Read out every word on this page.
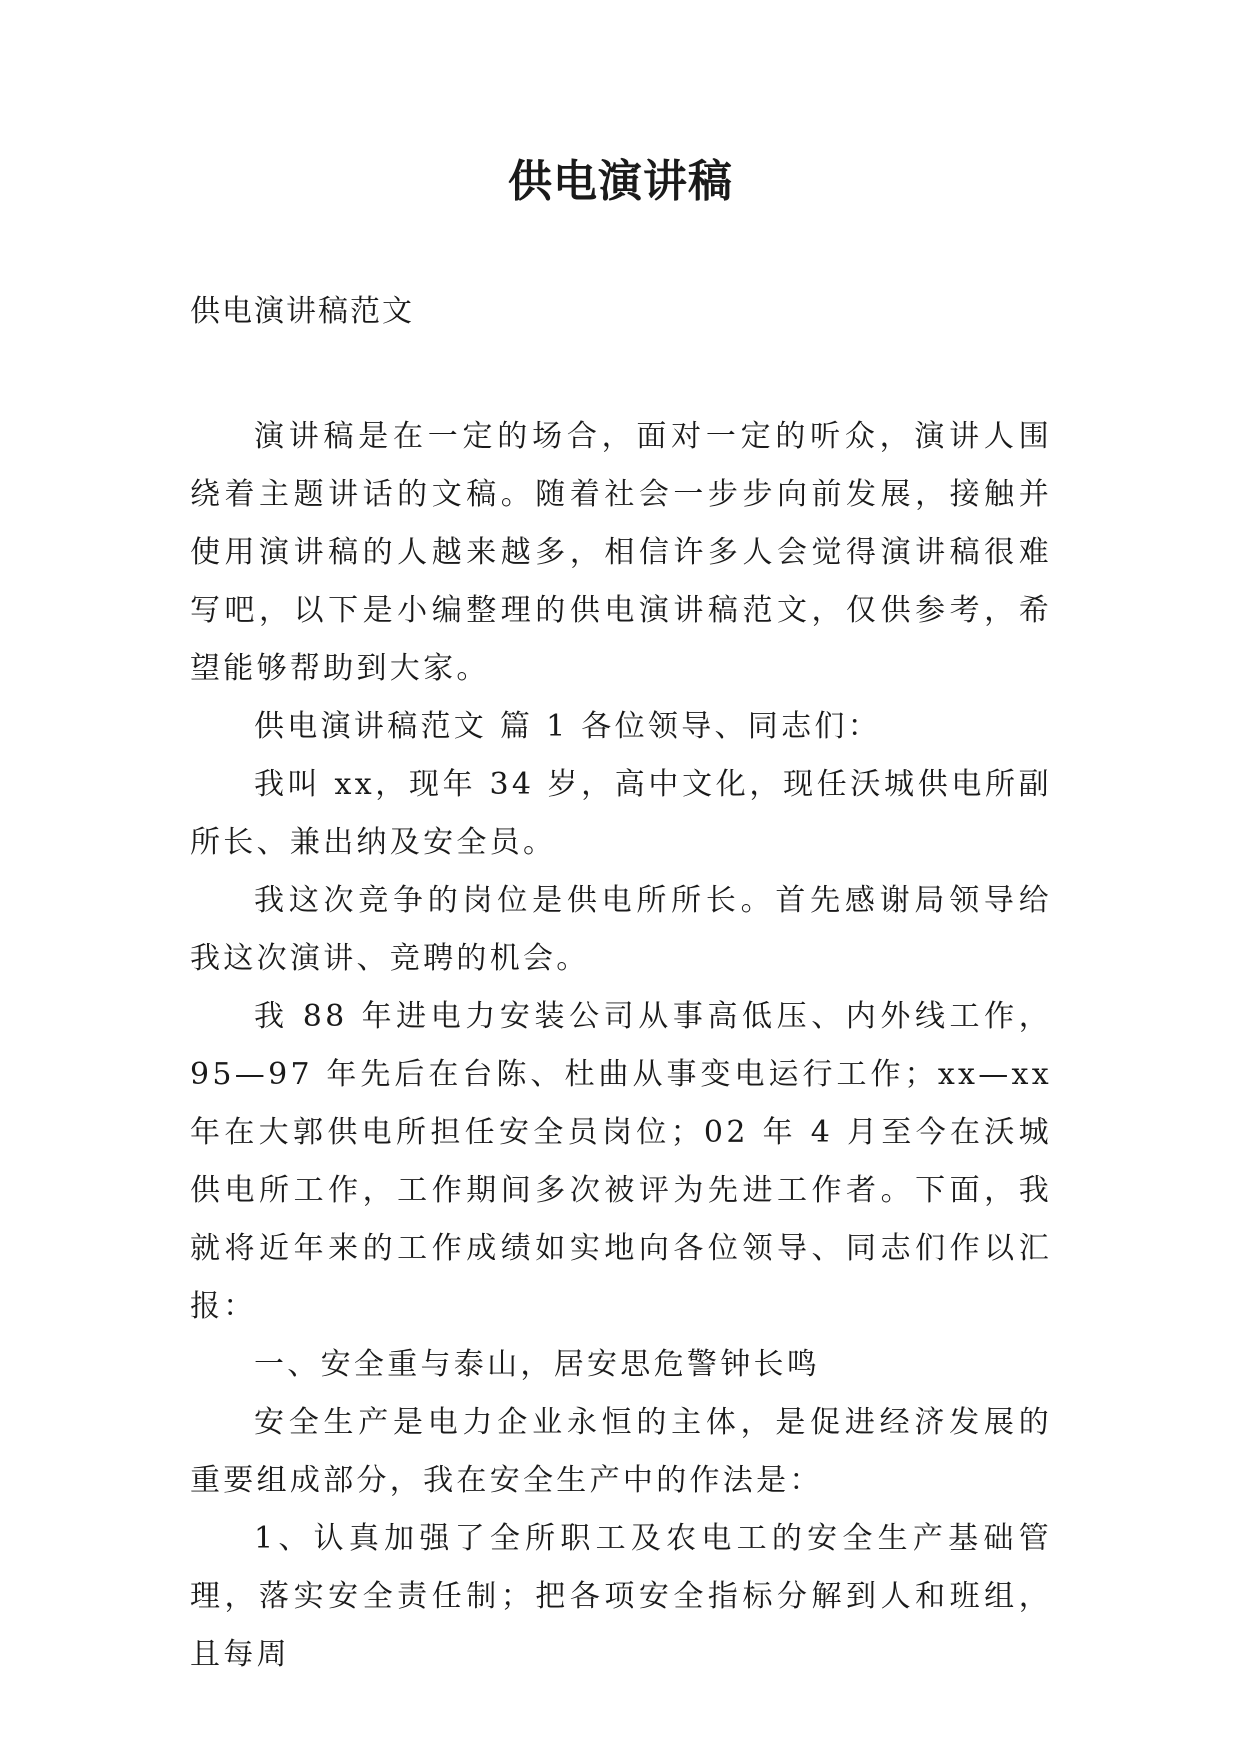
供电演讲稿

供电演讲稿范文

演讲稿是在一定的场合，面对一定的听众，演讲人围绕着主题讲话的文稿。随着社会一步步向前发展，接触并使用演讲稿的人越来越多，相信许多人会觉得演讲稿很难写吧，以下是小编整理的供电演讲稿范文，仅供参考，希望能够帮助到大家。

供电演讲稿范文 篇 1 各位领导、同志们：

我叫 xx，现年 34 岁，高中文化，现任沃城供电所副所长、兼出纳及安全员。

我这次竞争的岗位是供电所所长。首先感谢局领导给我这次演讲、竞聘的机会。

我 88 年进电力安装公司从事高低压、内外线工作，95—97 年先后在台陈、杜曲从事变电运行工作；xx—xx 年在大郭供电所担任安全员岗位；02 年 4 月至今在沃城供电所工作，工作期间多次被评为先进工作者。下面，我就将近年来的工作成绩如实地向各位领导、同志们作以汇报：

一、安全重与泰山，居安思危警钟长鸣

安全生产是电力企业永恒的主体，是促进经济发展的重要组成部分，我在安全生产中的作法是：

1、认真加强了全所职工及农电工的安全生产基础管理，落实安全责任制；把各项安全指标分解到人和班组，且每周
